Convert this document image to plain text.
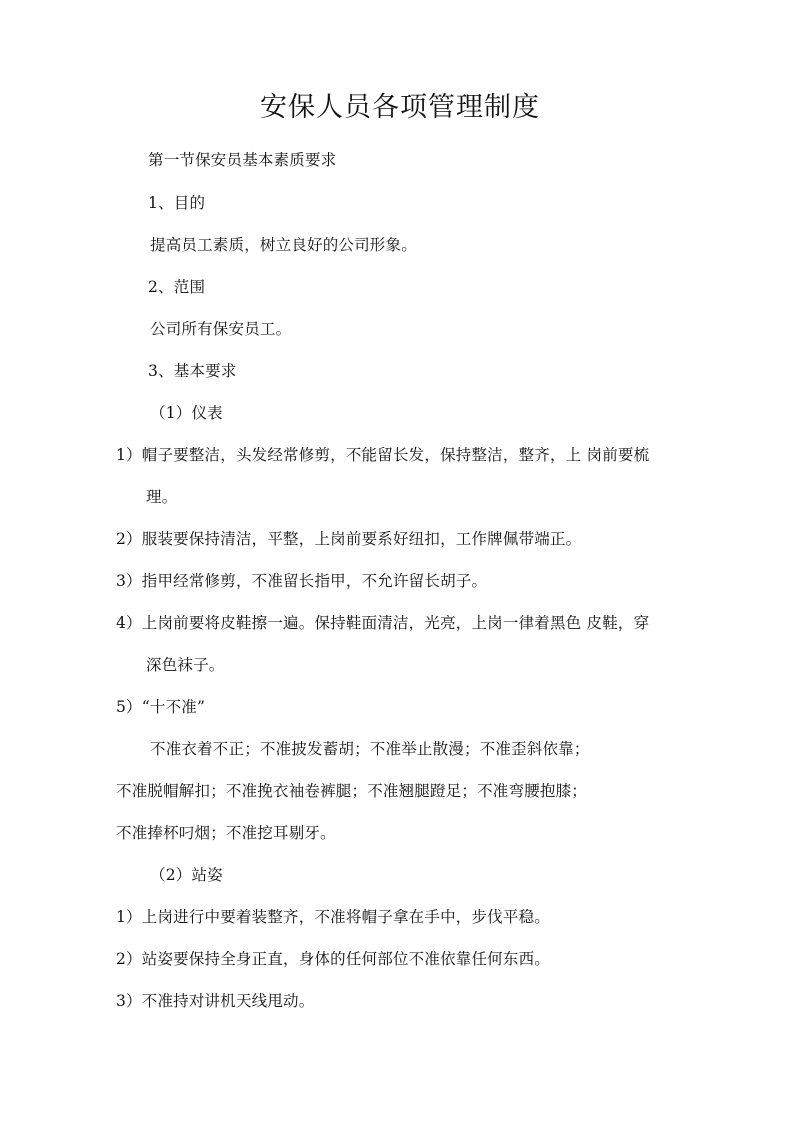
安保人员各项管理制度
第一节保安员基本素质要求
1、目的
提高员工素质，树立良好的公司形象。
2、范围
公司所有保安员工。
3、基本要求
（1）仪表
1）帽子要整洁，头发经常修剪，不能留长发，保持整洁，整齐，上 岗前要梳
理。
2）服装要保持清洁，平整，上岗前要系好纽扣，工作牌佩带端正。
3）指甲经常修剪，不准留长指甲，不允许留长胡子。
4）上岗前要将皮鞋擦一遍。保持鞋面清洁，光亮，上岗一律着黑色 皮鞋，穿
深色袜子。
5）“十不准”
不准衣着不正；不准披发蓄胡；不准举止散漫；不准歪斜依靠；
不准脱帽解扣；不准挽衣袖卷裤腿；不准翘腿蹬足；不准弯腰抱膝；
不准捧杯叼烟；不准挖耳剔牙。
（2）站姿
1）上岗进行中要着装整齐，不准将帽子拿在手中，步伐平稳。
2）站姿要保持全身正直，身体的任何部位不准依靠任何东西。
3）不准持对讲机天线甩动。
